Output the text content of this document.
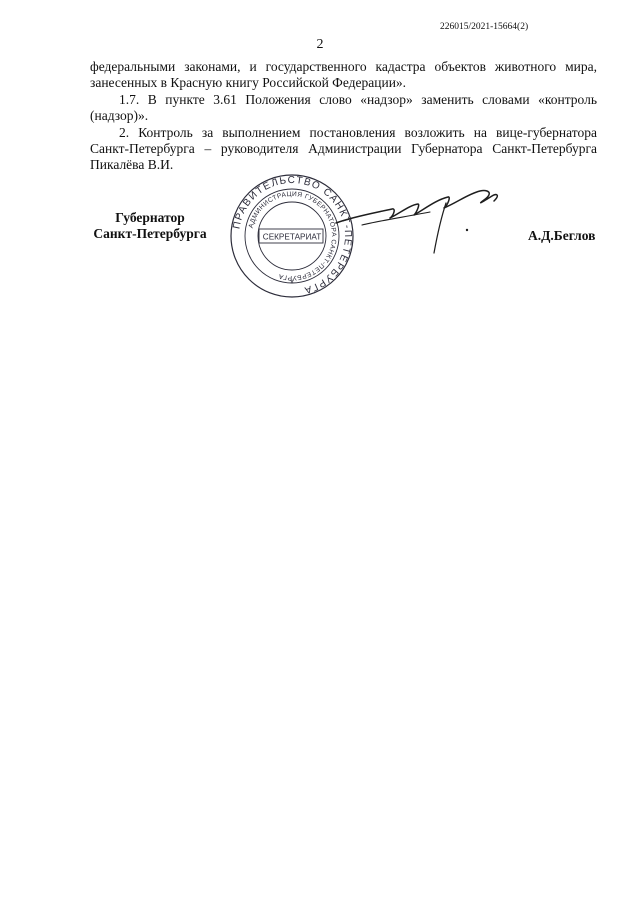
226015/2021-15664(2)
2

федеральными законами, и государственного кадастра объектов животного мира, занесенных в Красную книгу Российской Федерации».

1.7. В пункте 3.61 Положения слово «надзор» заменить словами «контроль (надзор)».

2. Контроль за выполнением постановления возложить на вице-губернатора Санкт-Петербурга – руководителя Администрации Губернатора Санкт-Петербурга Пикалёва В.И.

Губернатор
Санкт-Петербурга
ПРАВИТЕЛЬСТВО САНКТ-ПЕТЕРБУРГА
АДМИНИСТРАЦИЯ ГУБЕРНАТОРА САНКТ-ПЕТЕРБУРГА
СЕКРЕТАРИАТ
*
А.Д.Беглов
